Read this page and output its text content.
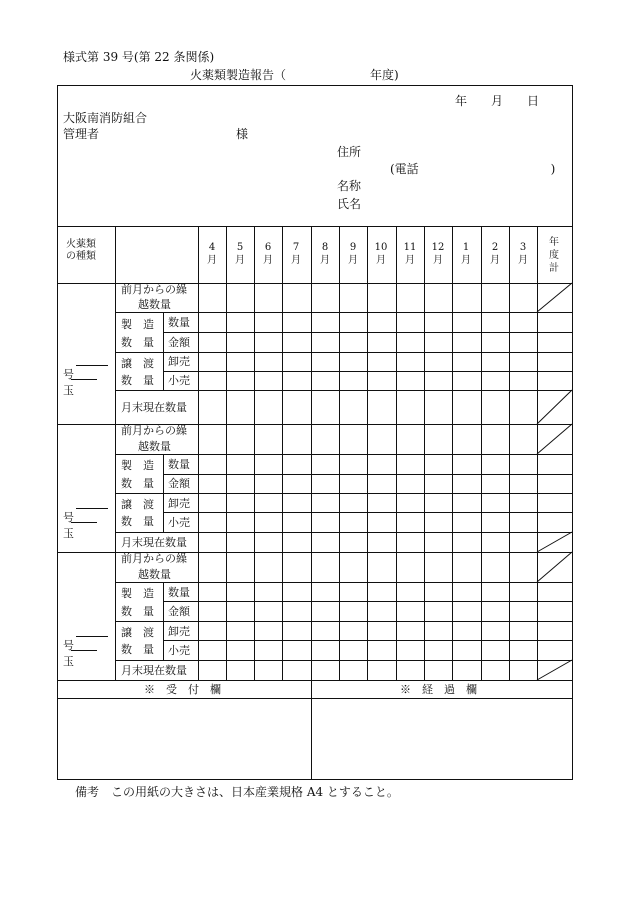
様式第 39 号(第 22 条関係)
火薬類製造報告（　　　　　　　年度)
年　　月　　日
大阪南消防組合
管理者	様
住所
(電話　　　　　　　　　　　)
名称
氏名
火薬類
の種類
4
月
5
月
6
月
7
月
8
月
9
月
10
月
11
月
12
月
1
月
2
月
3
月
年
度
計
前月からの繰
越数量
製　造
数　量
数量
金額
譲　渡
数　量
卸売
小売
月末現在数量
号
玉
前月からの繰
越数量
製　造
数　量
数量
金額
譲　渡
数　量
卸売
小売
月末現在数量
号
玉
前月からの繰
越数量
製　造
数　量
数量
金額
譲　渡
数　量
卸売
小売
月末現在数量
号
玉
※　受　付　欄	※　経　過　欄
備考　この用紙の大きさは、日本産業規格 A4 とすること。
